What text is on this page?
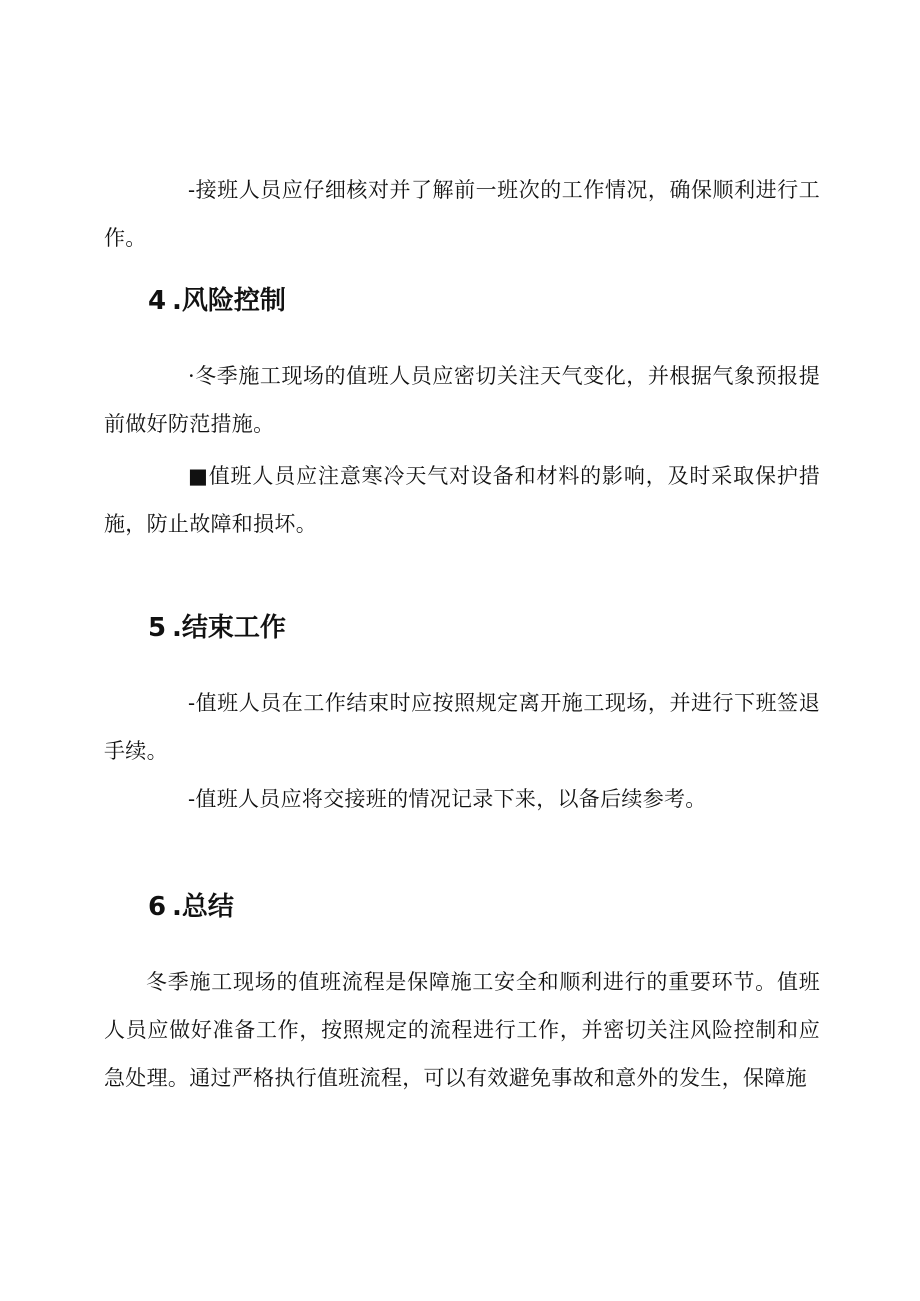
-接班人员应仔细核对并了解前一班次的工作情况，确保顺利进行工作。

4 .风险控制

·冬季施工现场的值班人员应密切关注天气变化，并根据气象预报提前做好防范措施。

■值班人员应注意寒冷天气对设备和材料的影响，及时采取保护措施，防止故障和损坏。

5 .结束工作

-值班人员在工作结束时应按照规定离开施工现场，并进行下班签退手续。

-值班人员应将交接班的情况记录下来，以备后续参考。

6 .总结

冬季施工现场的值班流程是保障施工安全和顺利进行的重要环节。值班人员应做好准备工作，按照规定的流程进行工作，并密切关注风险控制和应急处理。通过严格执行值班流程，可以有效避免事故和意外的发生，保障施
